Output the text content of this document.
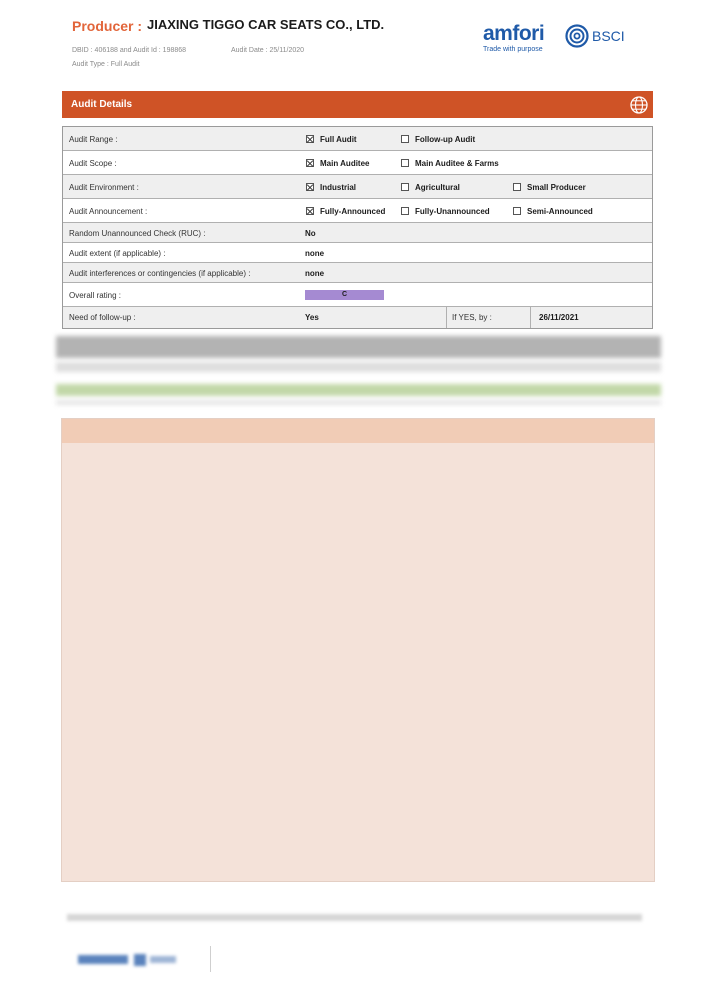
Producer : JIAXING TIGGO CAR SEATS CO., LTD.
DBID : 406188 and Audit Id : 198868	Audit Date : 25/11/2020
Audit Type : Full Audit
amfori	BSCI
Trade with purpose
Audit Details
Audit Range :	Full Audit	Follow-up Audit
Audit Scope :	Main Auditee	Main Auditee & Farms
Audit Environment :	Industrial	Agricultural	Small Producer
Audit Announcement :	Fully-Announced	Fully-Unannounced	Semi-Announced
Random Unannounced Check (RUC) :	No
Audit extent (if applicable) :	none
Audit interferences or contingencies (if applicable) :	none
Overall rating :	C
Need of follow-up :	Yes	If YES, by :	26/11/2021
